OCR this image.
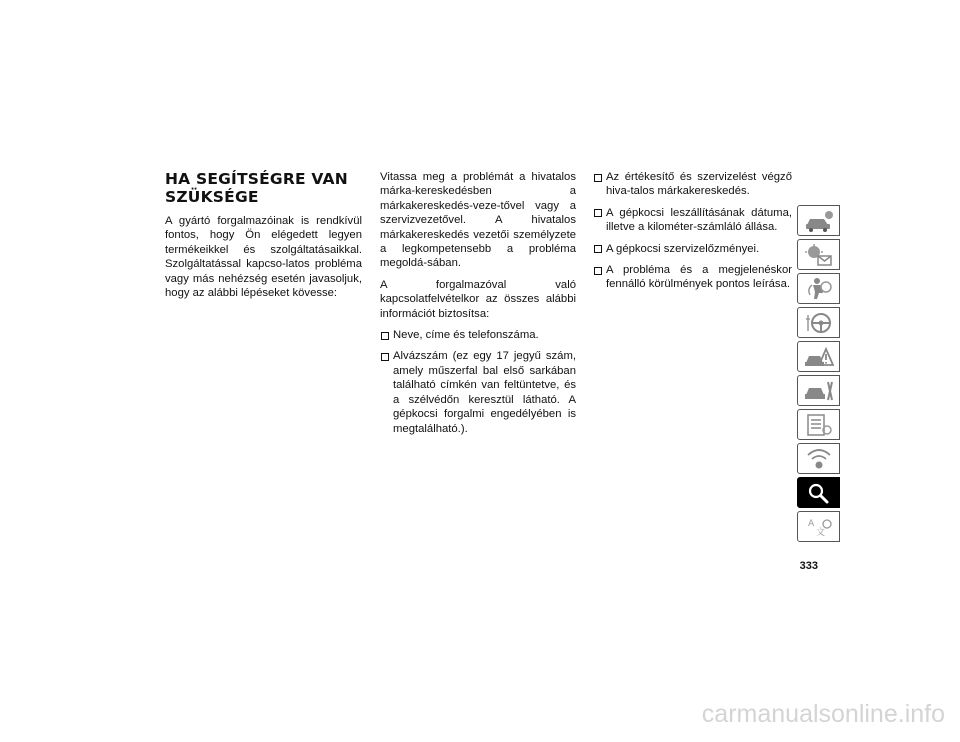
HA SEGÍTSÉGRE VAN
SZÜKSÉGE

A gyártó forgalmazóinak is rendkívül fontos, hogy Ön elégedett legyen termékeikkel és szolgáltatásaikkal. Szolgáltatással kapcso-latos probléma vagy más nehézség esetén javasoljuk, hogy az alábbi lépéseket kövesse:

Vitassa meg a problémát a hivatalos márka-kereskedésben a márkakereskedés-veze-tővel vagy a szervizvezetővel. A hivatalos márkakereskedés vezetői személyzete a legkompetensebb a probléma megoldá-sában.

A forgalmazóval való kapcsolatfelvételkor az összes alábbi információt biztosítsa:

Neve, címe és telefonszáma.
Alvázszám (ez egy 17 jegyű szám, amely műszerfal bal első sarkában található címkén van feltüntetve, és a szélvédőn keresztül látható. A gépkocsi forgalmi engedélyében is megtalálható.).
Az értékesítő és szervizelést végző hiva-talos márkakereskedés.
A gépkocsi leszállításának dátuma, illetve a kilométer-számláló állása.
A gépkocsi szervizelőzményei.
A probléma és a megjelenéskor fennálló körülmények pontos leírása.
A
文
333
carmanualsonline.info
